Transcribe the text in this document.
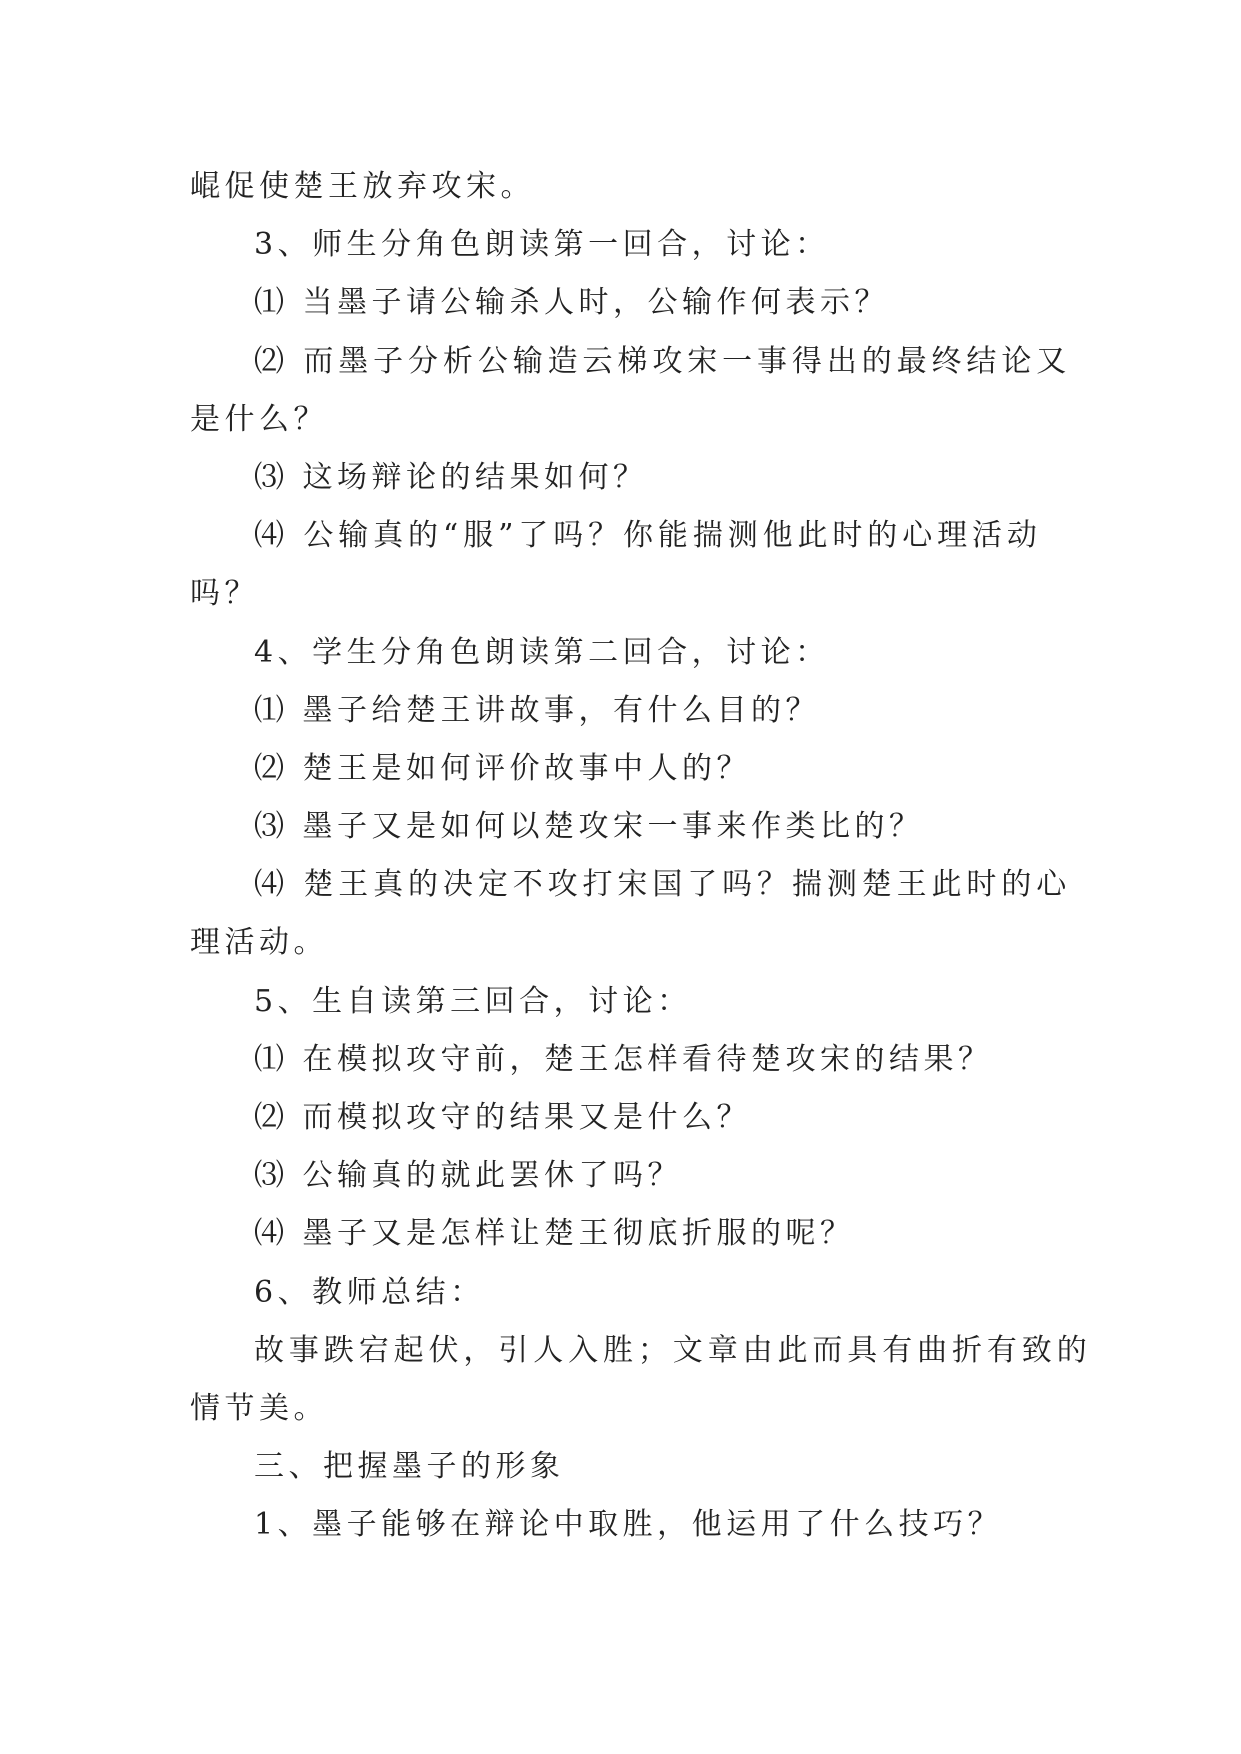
崐促使楚王放弃攻宋。
3、师生分角色朗读第一回合，讨论：
⑴ 当墨子请公输杀人时，公输作何表示？
⑵ 而墨子分析公输造云梯攻宋一事得出的最终结论又
是什么？
⑶ 这场辩论的结果如何？
⑷ 公输真的“服”了吗？你能揣测他此时的心理活动
吗？
4、学生分角色朗读第二回合，讨论：
⑴ 墨子给楚王讲故事，有什么目的？
⑵ 楚王是如何评价故事中人的？
⑶ 墨子又是如何以楚攻宋一事来作类比的？
⑷ 楚王真的决定不攻打宋国了吗？揣测楚王此时的心
理活动。
5、生自读第三回合，讨论：
⑴ 在模拟攻守前，楚王怎样看待楚攻宋的结果？
⑵ 而模拟攻守的结果又是什么？
⑶ 公输真的就此罢休了吗？
⑷ 墨子又是怎样让楚王彻底折服的呢？
6、教师总结：
故事跌宕起伏，引人入胜；文章由此而具有曲折有致的
情节美。
三、把握墨子的形象
1、墨子能够在辩论中取胜，他运用了什么技巧？
